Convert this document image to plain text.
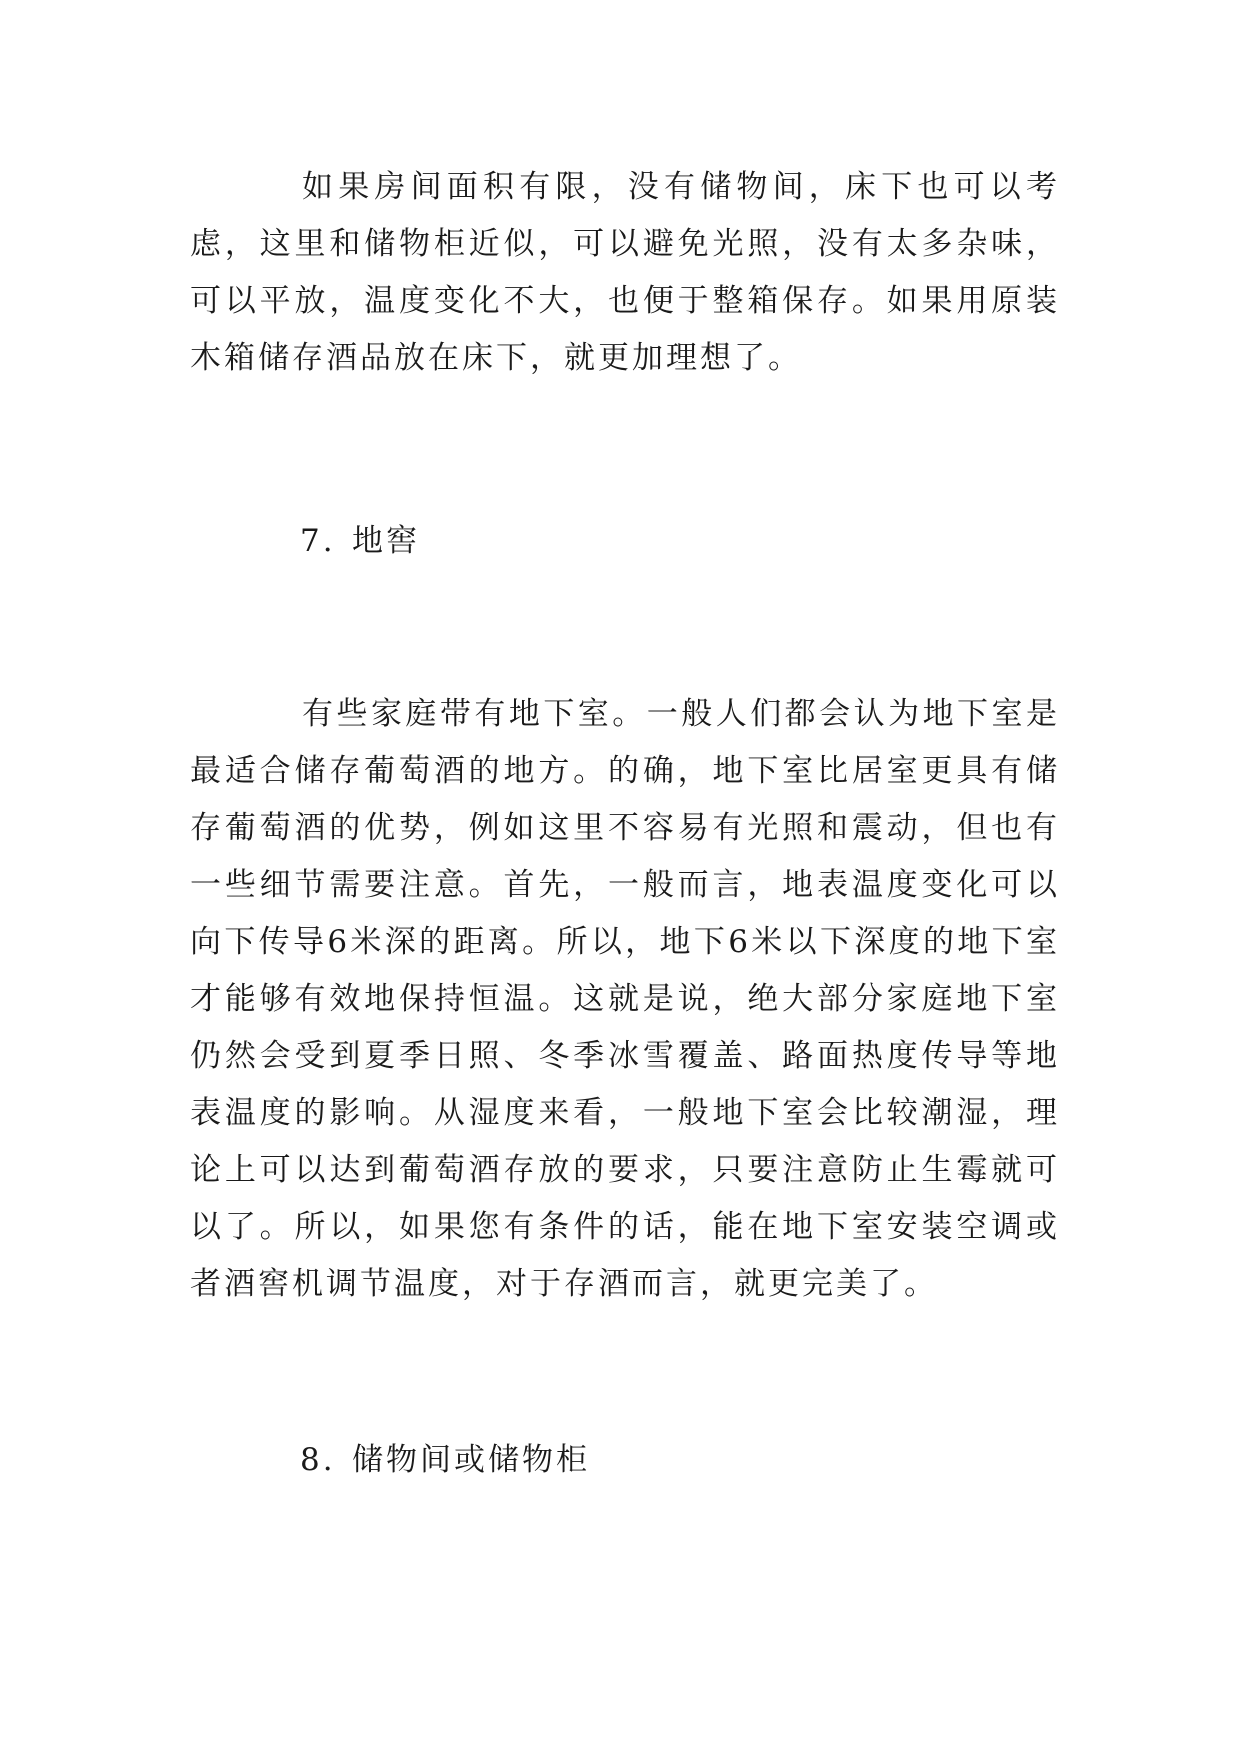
如果房间面积有限，没有储物间，床下也可以考虑，这里和储物柜近似，可以避免光照，没有太多杂味，可以平放，温度变化不大，也便于整箱保存。如果用原装木箱储存酒品放在床下，就更加理想了。

7. 地窖

有些家庭带有地下室。一般人们都会认为地下室是最适合储存葡萄酒的地方。的确，地下室比居室更具有储存葡萄酒的优势，例如这里不容易有光照和震动，但也有一些细节需要注意。首先，一般而言，地表温度变化可以向下传导6米深的距离。所以，地下6米以下深度的地下室才能够有效地保持恒温。这就是说，绝大部分家庭地下室仍然会受到夏季日照、冬季冰雪覆盖、路面热度传导等地表温度的影响。从湿度来看，一般地下室会比较潮湿，理论上可以达到葡萄酒存放的要求，只要注意防止生霉就可以了。所以，如果您有条件的话，能在地下室安装空调或者酒窖机调节温度，对于存酒而言，就更完美了。

8. 储物间或储物柜
